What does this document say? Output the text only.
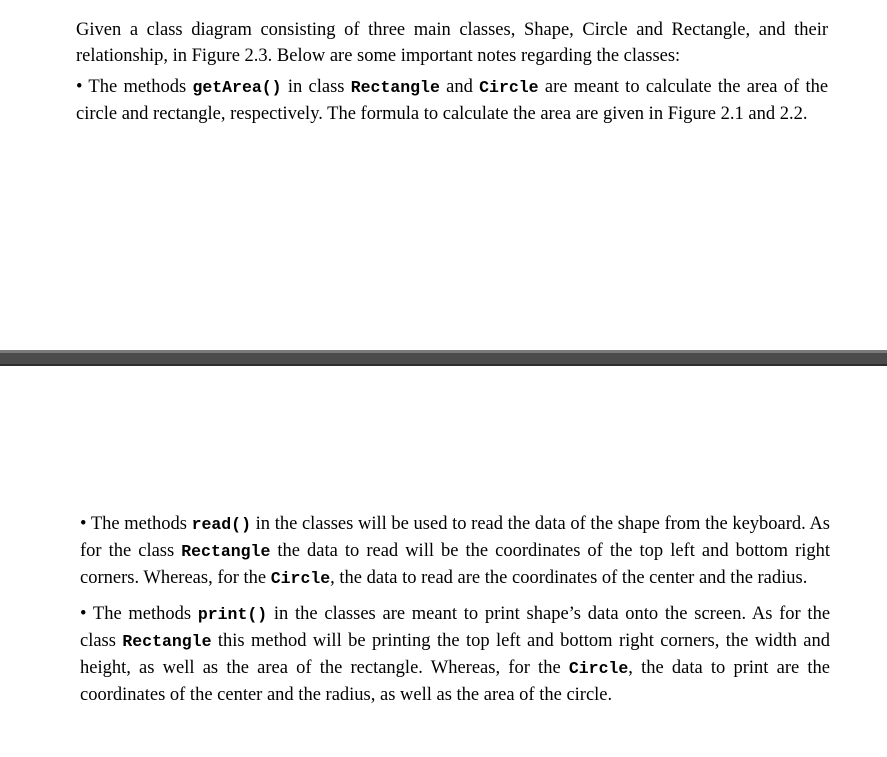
Given a class diagram consisting of three main classes, Shape, Circle and Rectangle, and their relationship, in Figure 2.3. Below are some important notes regarding the classes:

• The methods getArea() in class Rectangle and Circle are meant to calculate the area of the circle and rectangle, respectively. The formula to calculate the area are given in Figure 2.1 and 2.2.

• The methods read() in the classes will be used to read the data of the shape from the keyboard. As for the class Rectangle the data to read will be the coordinates of the top left and bottom right corners. Whereas, for the Circle, the data to read are the coordinates of the center and the radius.

• The methods print() in the classes are meant to print shape’s data onto the screen. As for the class Rectangle this method will be printing the top left and bottom right corners, the width and height, as well as the area of the rectangle. Whereas, for the Circle, the data to print are the coordinates of the center and the radius, as well as the area of the circle.
